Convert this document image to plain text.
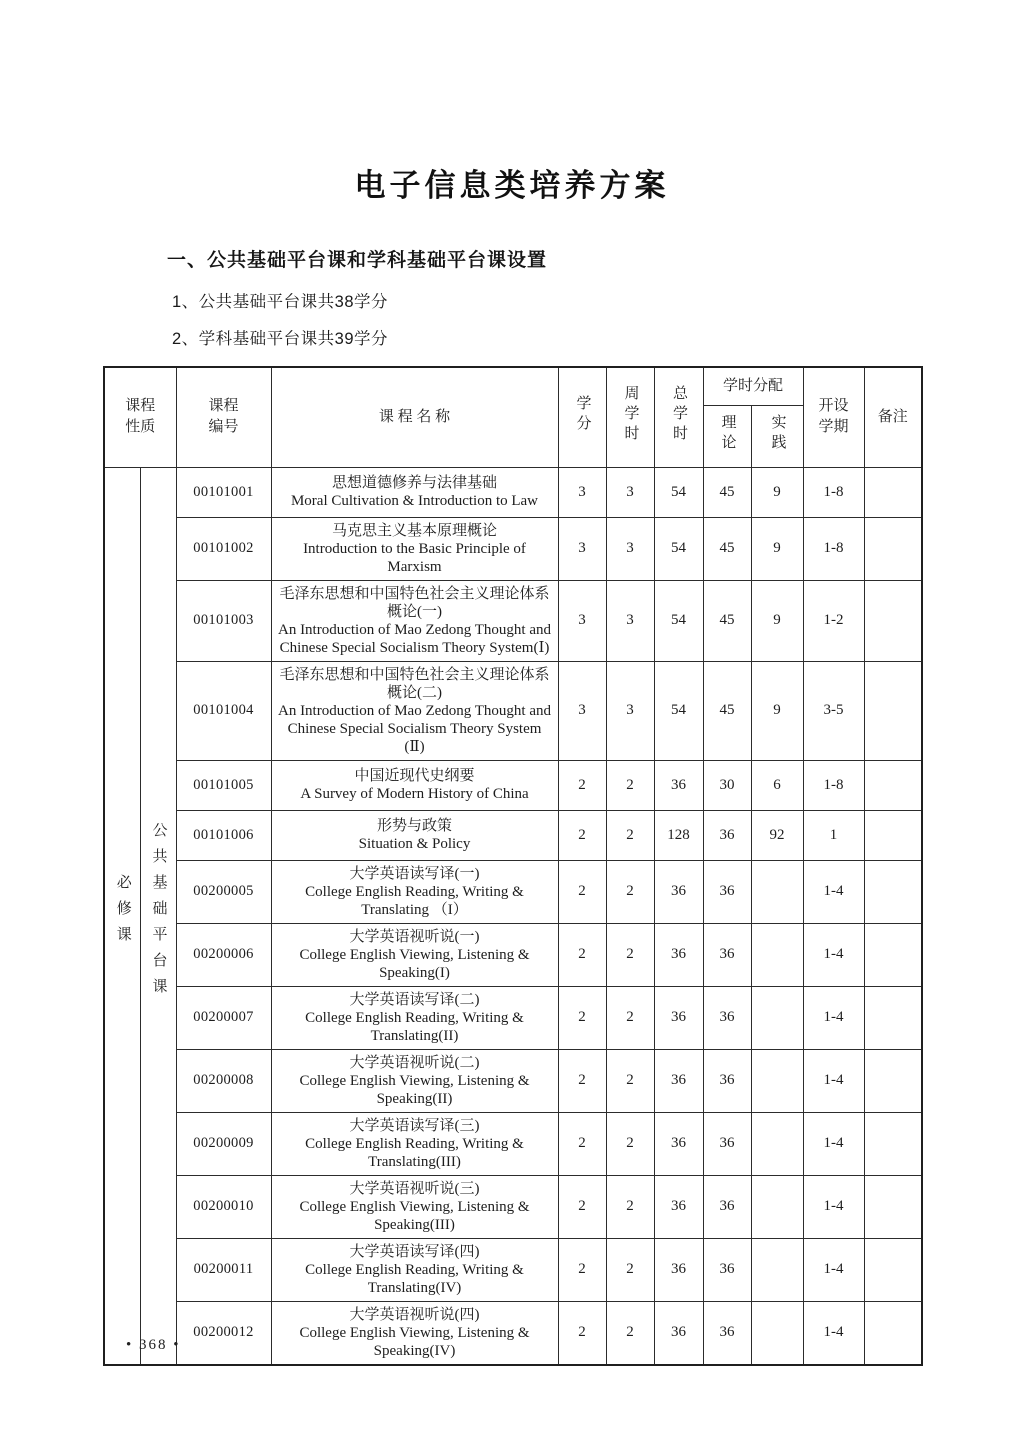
电子信息类培养方案
一、公共基础平台课和学科基础平台课设置
1、公共基础平台课共38学分
2、学科基础平台课共39学分
课程性质		课程编号	课 程 名 称	学分	周学时	总学时	学时分配		开设学期	备注
							理论	实践		
必修课	公共基础平台课	00101001	思想道德修养与法律基础
Moral Cultivation & Introduction to Law	3	3	54	45	9	1-8	
		00101002	马克思主义基本原理概论
Introduction to the Basic Principle of Marxism	3	3	54	45	9	1-8	
		00101003	毛泽东思想和中国特色社会主义理论体系概论(一)
An Introduction of Mao Zedong Thought and Chinese Special Socialism Theory System(Ⅰ)	3	3	54	45	9	1-2	
		00101004	毛泽东思想和中国特色社会主义理论体系概论(二)
An Introduction of Mao Zedong Thought and Chinese Special Socialism Theory System (Ⅱ)	3	3	54	45	9	3-5	
		00101005	中国近现代史纲要
A Survey of Modern History of China	2	2	36	30	6	1-8	
		00101006	形势与政策
Situation & Policy	2	2	128	36	92	1	
		00200005	大学英语读写译(一)
College English Reading, Writing & Translating （I）	2	2	36	36		1-4	
		00200006	大学英语视听说(一)
College English Viewing, Listening & Speaking(I)	2	2	36	36		1-4	
		00200007	大学英语读写译(二)
College English Reading, Writing & Translating(II)	2	2	36	36		1-4	
		00200008	大学英语视听说(二)
College English Viewing, Listening & Speaking(II)	2	2	36	36		1-4	
		00200009	大学英语读写译(三)
College English Reading, Writing & Translating(III)	2	2	36	36		1-4	
		00200010	大学英语视听说(三)
College English Viewing, Listening & Speaking(III)	2	2	36	36		1-4	
		00200011	大学英语读写译(四)
College English Reading, Writing & Translating(IV)	2	2	36	36		1-4	
		00200012	大学英语视听说(四)
College English Viewing, Listening & Speaking(IV)	2	2	36	36		1-4	
• 368 •
